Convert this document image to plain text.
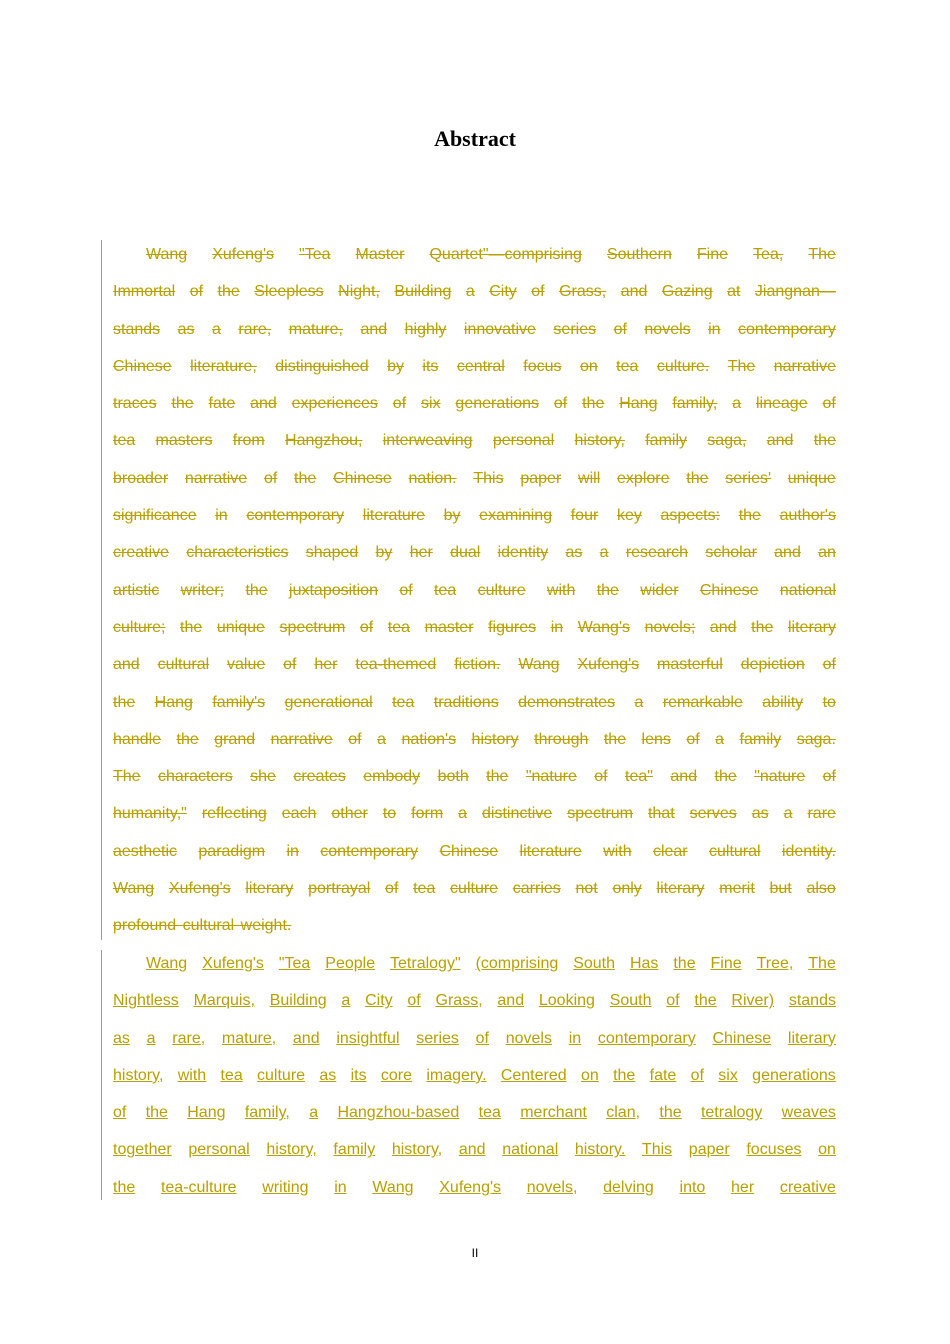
Abstract
Wang Xufeng's "Tea Master Quartet"—comprising Southern Fine Tea, The
Immortal of the Sleepless Night, Building a City of Grass, and Gazing at Jiangnan—
stands as a rare, mature, and highly innovative series of novels in contemporary
Chinese literature, distinguished by its central focus on tea culture. The narrative
traces the fate and experiences of six generations of the Hang family, a lineage of
tea masters from Hangzhou, interweaving personal history, family saga, and the
broader narrative of the Chinese nation. This paper will explore the series' unique
significance in contemporary literature by examining four key aspects: the author's
creative characteristics shaped by her dual identity as a research scholar and an
artistic writer; the juxtaposition of tea culture with the wider Chinese national
culture; the unique spectrum of tea master figures in Wang's novels; and the literary
and cultural value of her tea-themed fiction. Wang Xufeng's masterful depiction of
the Hang family's generational tea traditions demonstrates a remarkable ability to
handle the grand narrative of a nation's history through the lens of a family saga.
The characters she creates embody both the "nature of tea" and the "nature of
humanity," reflecting each other to form a distinctive spectrum that serves as a rare
aesthetic paradigm in contemporary Chinese literature with clear cultural identity.
Wang Xufeng's literary portrayal of tea culture carries not only literary merit but also
profound cultural weight.
Wang Xufeng's "Tea People Tetralogy" (comprising South Has the Fine Tree, The
Nightless Marquis, Building a City of Grass, and Looking South of the River) stands
as a rare, mature, and insightful series of novels in contemporary Chinese literary
history, with tea culture as its core imagery. Centered on the fate of six generations
of the Hang family, a Hangzhou-based tea merchant clan, the tetralogy weaves
together personal history, family history, and national history. This paper focuses on
the tea-culture writing in Wang Xufeng's novels, delving into her creative
II
